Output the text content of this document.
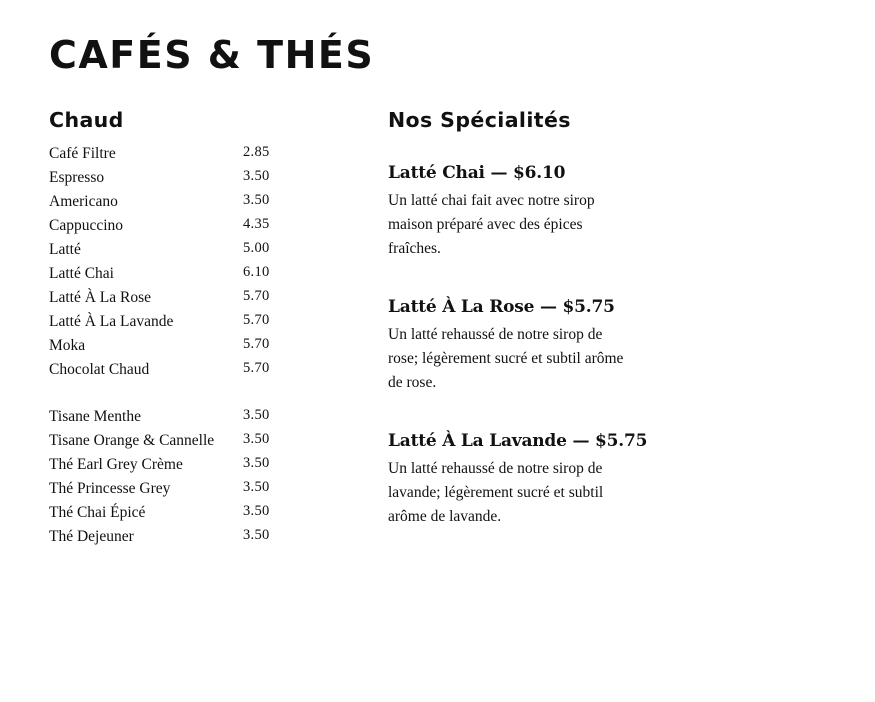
CAFÉS & THÉS
Chaud
Café Filtre	2.85
Espresso	3.50
Americano	3.50
Cappuccino	4.35
Latté	5.00
Latté Chai	6.10
Latté À La Rose	5.70
Latté À La Lavande	5.70
Moka	5.70
Chocolat Chaud	5.70
Tisane Menthe	3.50
Tisane Orange & Cannelle 3.50
Thé Earl Grey Crème	3.50
Thé Princesse Grey	3.50
Thé Chai Épicé	3.50
Thé Dejeuner	3.50
Nos Spécialités

Latté Chai — $6.10

Un latté chai fait avec notre sirop maison préparé avec des épices fraîches.

Latté À La Rose — $5.75

Un latté rehaussé de notre sirop de rose; légèrement sucré et subtil arôme de rose.

Latté À La Lavande — $5.75

Un latté rehaussé de notre sirop de lavande; légèrement sucré et subtil arôme de lavande.
